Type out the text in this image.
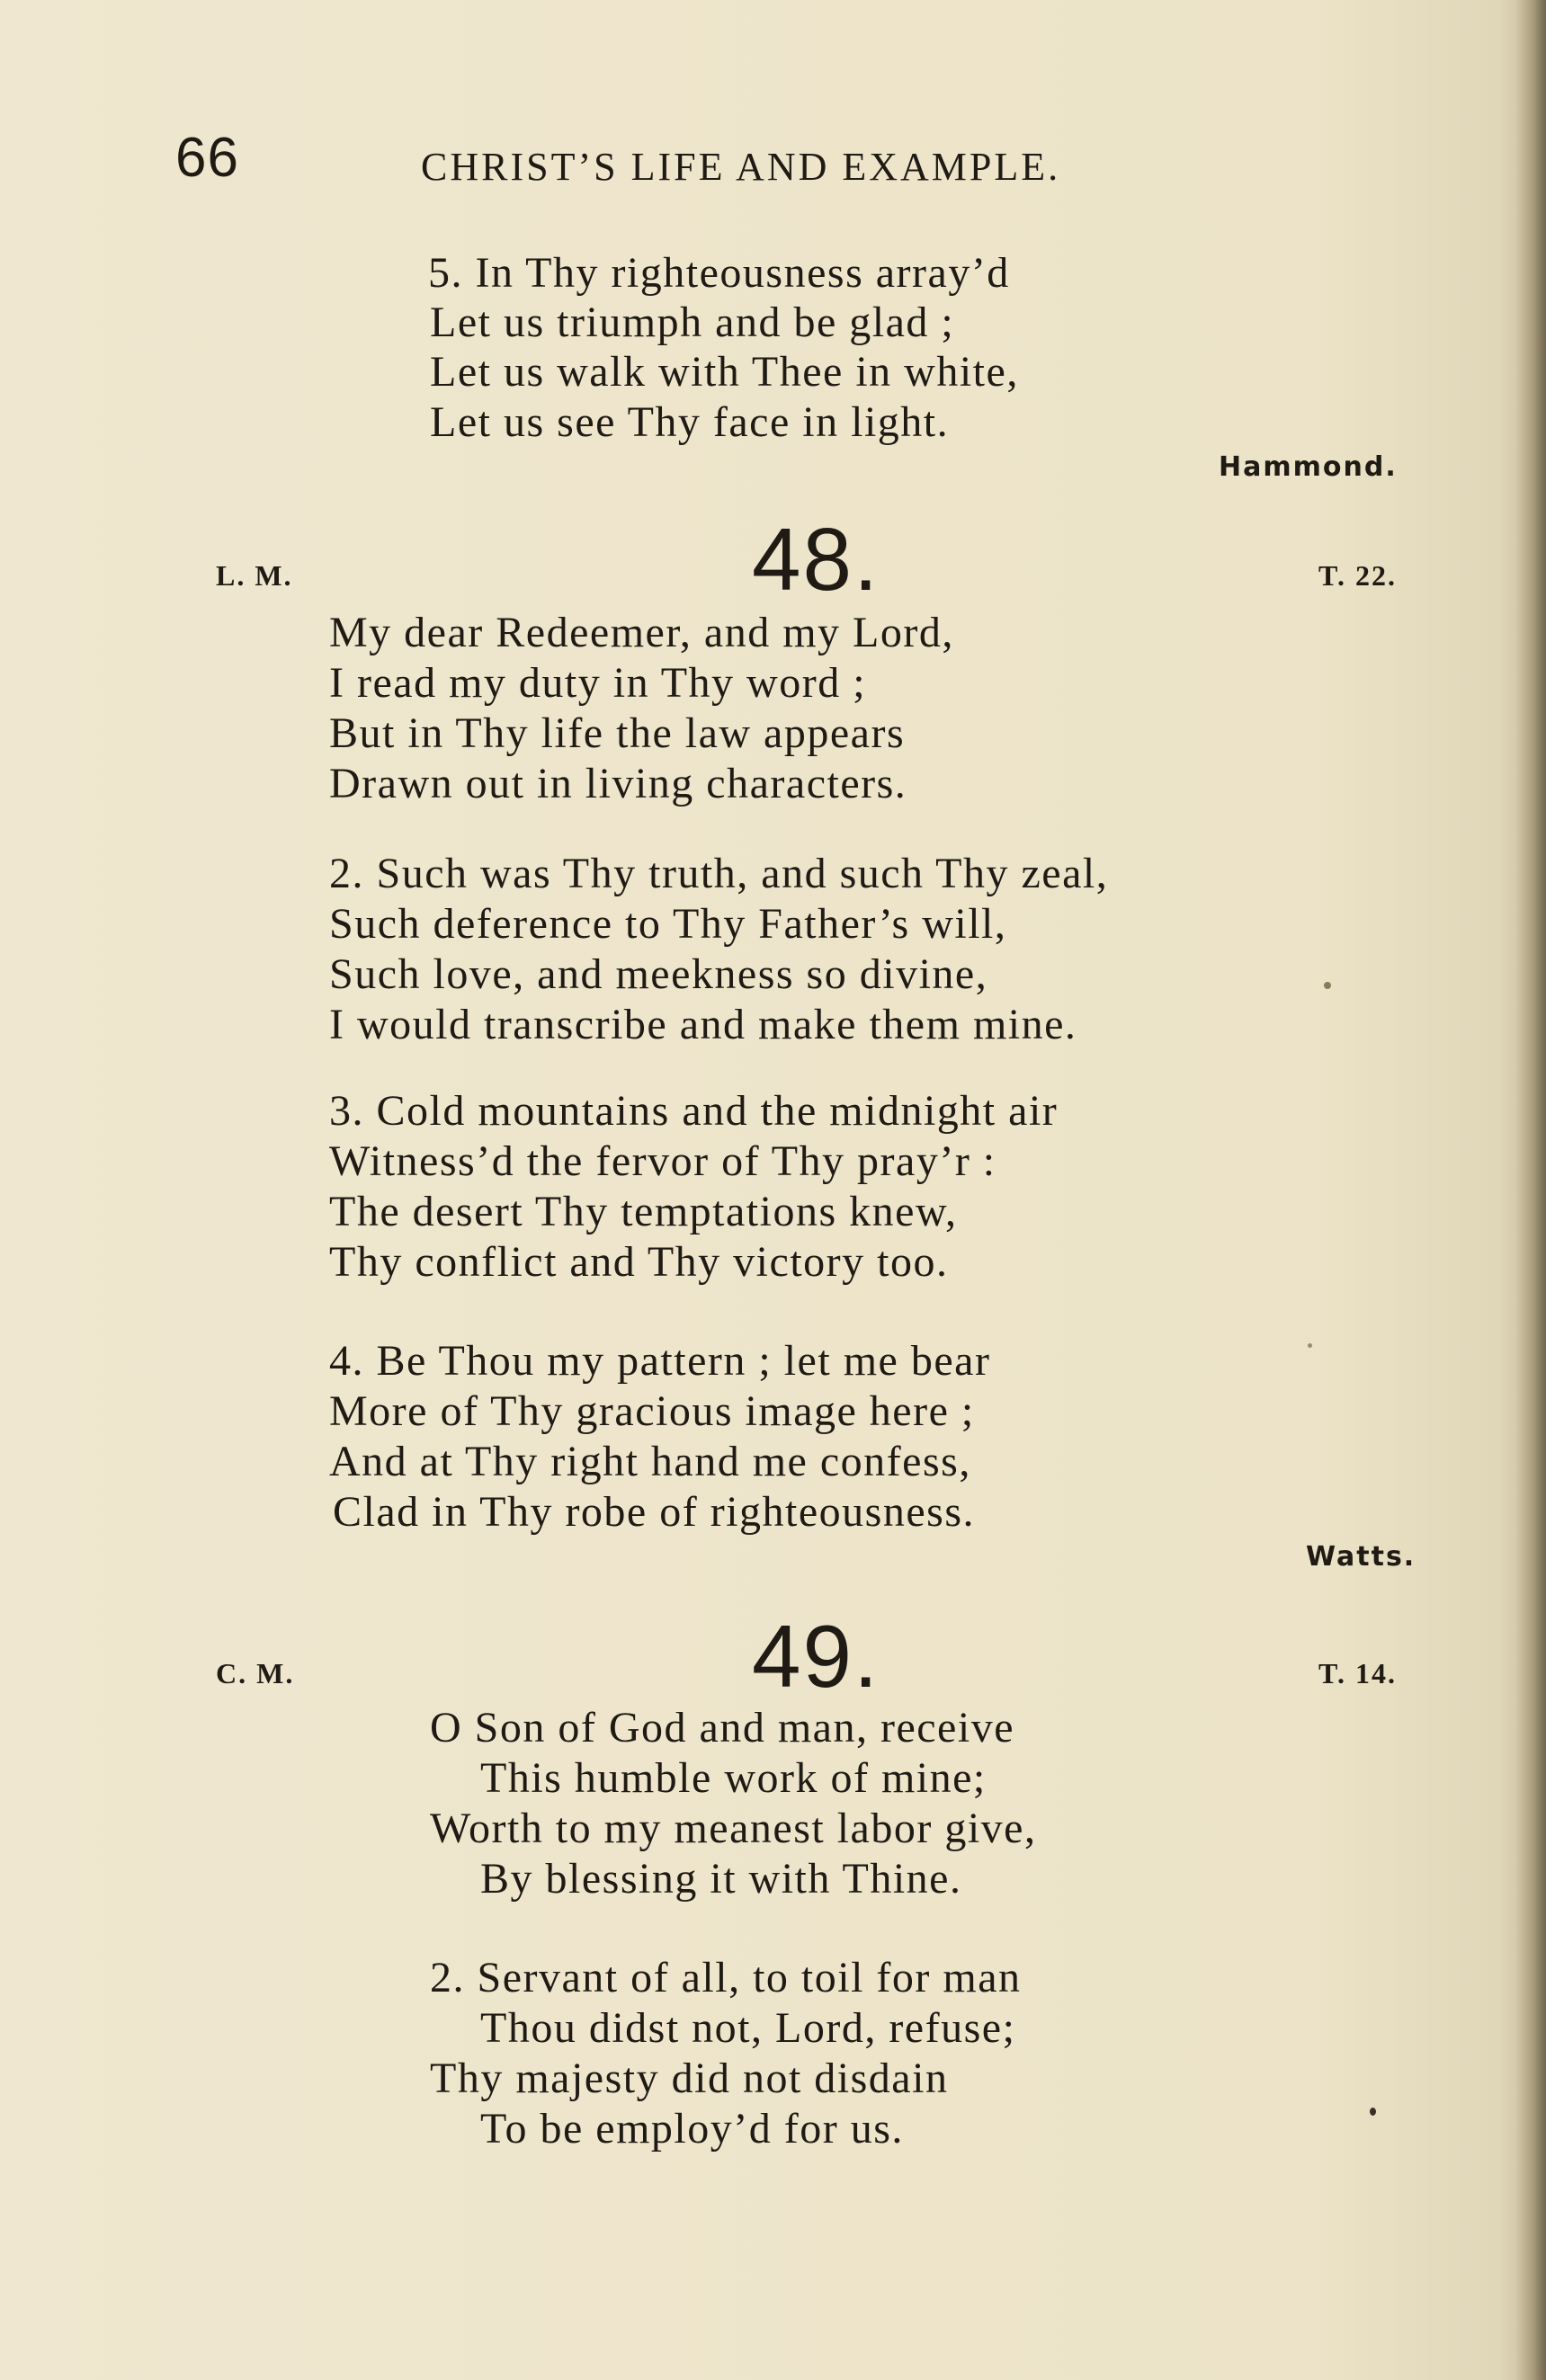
66	CHRIST’S LIFE AND EXAMPLE.
5. In Thy righteousness array’d
Let us triumph and be glad ;
Let us walk with Thee in white,
Let us see Thy face in light.
Hammond.
L. M.	48.	T. 22.
My dear Redeemer, and my Lord,
I read my duty in Thy word ;
But in Thy life the law appears
Drawn out in living characters.
2. Such was Thy truth, and such Thy zeal,
Such deference to Thy Father’s will,
Such love, and meekness so divine,
I would transcribe and make them mine.
3. Cold mountains and the midnight air
Witness’d the fervor of Thy pray’r :
The desert Thy temptations knew,
Thy conflict and Thy victory too.
4. Be Thou my pattern ; let me bear
More of Thy gracious image here ;
And at Thy right hand me confess,
Clad in Thy robe of righteousness.
Watts.
C. M.	49.	T. 14.
O Son of God and man, receive
This humble work of mine;
Worth to my meanest labor give,
By blessing it with Thine.
2. Servant of all, to toil for man
Thou didst not, Lord, refuse;
Thy majesty did not disdain
To be employ’d for us.
